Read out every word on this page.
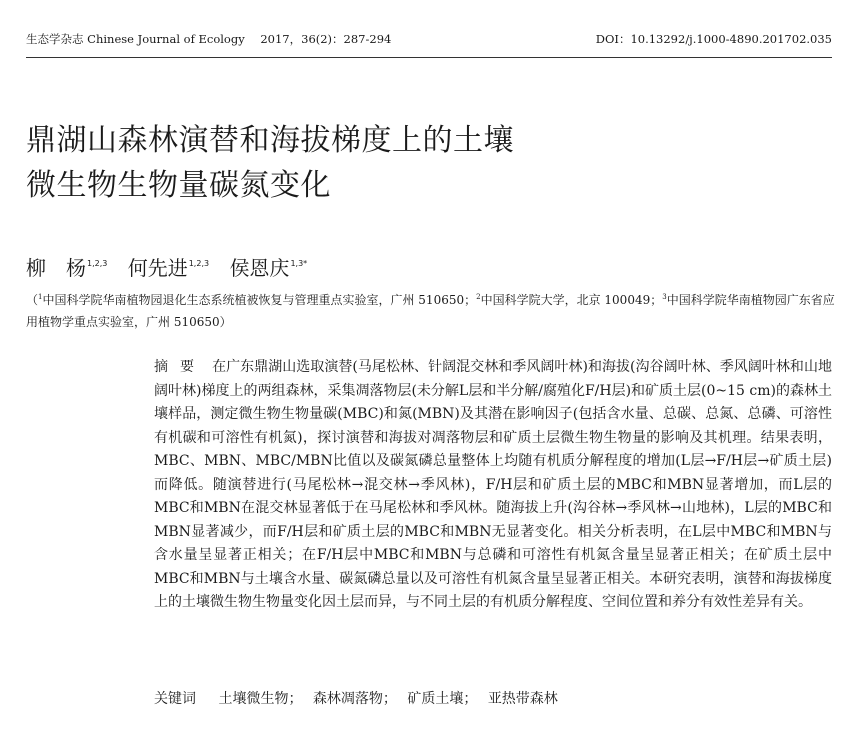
生态学杂志 Chinese Journal of Ecology 2017，36(2)：287-294	DOI：10.13292/j.1000-4890.201702.035
鼎湖山森林演替和海拔梯度上的土壤
微生物生物量碳氮变化
柳　杨$^{1,2,3}$ 何先进$^{1,2,3}$ 侯恩庆$^{1,3*}$
（$^1$中国科学院华南植物园退化生态系统植被恢复与管理重点实验室，广州 510650；$^2$中国科学院大学，北京 100049；$^3$中国科学院华南植物园广东省应用植物学重点实验室，广州 510650）
摘要 在广东鼎湖山选取演替(马尾松林、针阔混交林和季风阔叶林)和海拔(沟谷阔叶林、季风阔叶林和山地阔叶林)梯度上的两组森林，采集凋落物层(未分解L层和半分解/腐殖化F/H层)和矿质土层(0~15 cm)的森林土壤样品，测定微生物生物量碳(MBC)和氮(MBN)及其潜在影响因子(包括含水量、总碳、总氮、总磷、可溶性有机碳和可溶性有机氮)，探讨演替和海拔对凋落物层和矿质土层微生物生物量的影响及其机理。结果表明，MBC、MBN、MBC/MBN比值以及碳氮磷总量整体上均随有机质分解程度的增加(L层→F/H层→矿质土层)而降低。随演替进行(马尾松林→混交林→季风林)，F/H层和矿质土层的MBC和MBN显著增加，而L层的MBC和MBN在混交林显著低于在马尾松林和季风林。随海拔上升(沟谷林→季风林→山地林)，L层的MBC和MBN显著减少，而F/H层和矿质土层的MBC和MBN无显著变化。相关分析表明，在L层中MBC和MBN与含水量呈显著正相关；在F/H层中MBC和MBN与总磷和可溶性有机氮含量呈显著正相关；在矿质土层中MBC和MBN与土壤含水量、碳氮磷总量以及可溶性有机氮含量呈显著正相关。本研究表明，演替和海拔梯度上的土壤微生物生物量变化因土层而异，与不同土层的有机质分解程度、空间位置和养分有效性差异有关。
关键词 土壤微生物； 森林凋落物； 矿质土壤； 亚热带森林
